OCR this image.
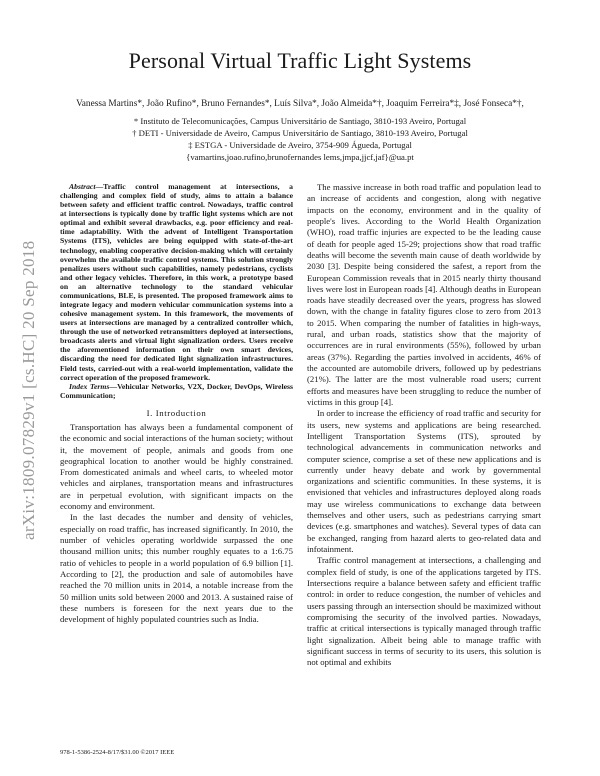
Personal Virtual Traffic Light Systems
Vanessa Martins*, João Rufino*, Bruno Fernandes*, Luís Silva*, João Almeida*†, Joaquim Ferreira*‡, José Fonseca*†,
* Instituto de Telecomunicações, Campus Universitário de Santiago, 3810-193 Aveiro, Portugal
† DETI - Universidade de Aveiro, Campus Universitário de Santiago, 3810-193 Aveiro, Portugal
‡ ESTGA - Universidade de Aveiro, 3754-909 Águeda, Portugal
{vamartins,joao.rufino,brunofernandes lems,jmpa,jjcf,jaf}@ua.pt
arXiv:1809.07829v1 [cs.HC] 20 Sep 2018

Abstract—Traffic control management at intersections, a challenging and complex field of study, aims to attain a balance between safety and efficient traffic control. Nowadays, traffic control at intersections is typically done by traffic light systems which are not optimal and exhibit several drawbacks, e.g. poor efficiency and real-time adaptability. With the advent of Intelligent Transportation Systems (ITS), vehicles are being equipped with state-of-the-art technology, enabling cooperative decision-making which will certainly overwhelm the available traffic control systems. This solution strongly penalizes users without such capabilities, namely pedestrians, cyclists and other legacy vehicles. Therefore, in this work, a prototype based on an alternative technology to the standard vehicular communications, BLE, is presented. The proposed framework aims to integrate legacy and modern vehicular communication systems into a cohesive management system. In this framework, the movements of users at intersections are managed by a centralized controller which, through the use of networked retransmitters deployed at intersections, broadcasts alerts and virtual light signalization orders. Users receive the aforementioned information on their own smart devices, discarding the need for dedicated light signalization infrastructures. Field tests, carried-out with a real-world implementation, validate the correct operation of the proposed framework.

Index Terms—Vehicular Networks, V2X, Docker, DevOps, Wireless Communication;

I. Introduction

Transportation has always been a fundamental component of the economic and social interactions of the human society; without it, the movement of people, animals and goods from one geographical location to another would be highly constrained. From domesticated animals and wheel carts, to wheeled motor vehicles and airplanes, transportation means and infrastructures are in perpetual evolution, with significant impacts on the economy and environment.

In the last decades the number and density of vehicles, especially on road traffic, has increased significantly. In 2010, the number of vehicles operating worldwide surpassed the one thousand million units; this number roughly equates to a 1:6.75 ratio of vehicles to people in a world population of 6.9 billion [1]. According to [2], the production and sale of automobiles have reached the 70 million units in 2014, a notable increase from the 50 million units sold between 2000 and 2013. A sustained raise of these numbers is foreseen for the next years due to the development of highly populated countries such as India.

The massive increase in both road traffic and population lead to an increase of accidents and congestion, along with negative impacts on the economy, environment and in the quality of people's lives. According to the World Health Organization (WHO), road traffic injuries are expected to be the leading cause of death for people aged 15-29; projections show that road traffic deaths will become the seventh main cause of death worldwide by 2030 [3]. Despite being considered the safest, a report from the European Commission reveals that in 2015 nearly thirty thousand lives were lost in European roads [4]. Although deaths in European roads have steadily decreased over the years, progress has slowed down, with the change in fatality figures close to zero from 2013 to 2015. When comparing the number of fatalities in high-ways, rural, and urban roads, statistics show that the majority of occurrences are in rural environments (55%), followed by urban areas (37%). Regarding the parties involved in accidents, 46% of the accounted are automobile drivers, followed up by pedestrians (21%). The latter are the most vulnerable road users; current efforts and measures have been struggling to reduce the number of victims in this group [4].

In order to increase the efficiency of road traffic and security for its users, new systems and applications are being researched. Intelligent Transportation Systems (ITS), sprouted by technological advancements in communication networks and computer science, comprise a set of these new applications and is currently under heavy debate and work by governmental organizations and scientific communities. In these systems, it is envisioned that vehicles and infrastructures deployed along roads may use wireless communications to exchange data between themselves and other users, such as pedestrians carrying smart devices (e.g. smartphones and watches). Several types of data can be exchanged, ranging from hazard alerts to geo-related data and infotainment.

Traffic control management at intersections, a challenging and complex field of study, is one of the applications targeted by ITS. Intersections require a balance between safety and efficient traffic control: in order to reduce congestion, the number of vehicles and users passing through an intersection should be maximized without compromising the security of the involved parties. Nowadays, traffic at critical intersections is typically managed through traffic light signalization. Albeit being able to manage traffic with significant success in terms of security to its users, this solution is not optimal and exhibits

978-1-5386-2524-8/17/$31.00 ©2017 IEEE
